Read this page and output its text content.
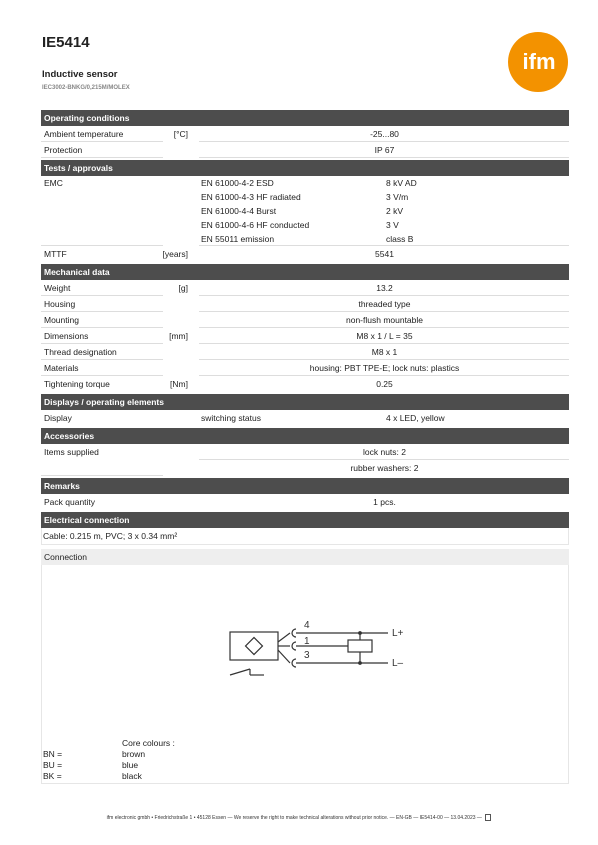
IE5414
Inductive sensor
IEC3002-BNKG/0,215M/MOLEX
ifm
Operating conditions
Ambient temperature	[°C]	-25...80
Protection	IP 67
Tests / approvals
EMC	EN 61000-4-2 ESD	8 kV AD
EN 61000-4-3 HF radiated	3 V/m
EN 61000-4-4 Burst	2 kV
EN 61000-4-6 HF conducted	3 V
EN 55011 emission	class B
MTTF	[years]	5541
Mechanical data
Weight	[g]	13.2
Housing	threaded type
Mounting	non-flush mountable
Dimensions	[mm]	M8 x 1 / L = 35
Thread designation	M8 x 1
Materials	housing: PBT TPE-E; lock nuts: plastics
Tightening torque	[Nm]	0.25
Displays / operating elements
Display	switching status	4 x LED, yellow
Accessories
Items supplied	lock nuts: 2
rubber washers: 2
Remarks
Pack quantity	1 pcs.
Electrical connection
Cable: 0.215 m, PVC; 3 x 0.34 mm²
Connection
4
1
3
L+
L–
Core colours :
BN =	brown
BU =	blue
BK =	black
ifm electronic gmbh • Friedrichstraße 1 • 45128 Essen — We reserve the right to make technical alterations without prior notice. — EN-GB — IE5414-00 — 13.04.2023 —
